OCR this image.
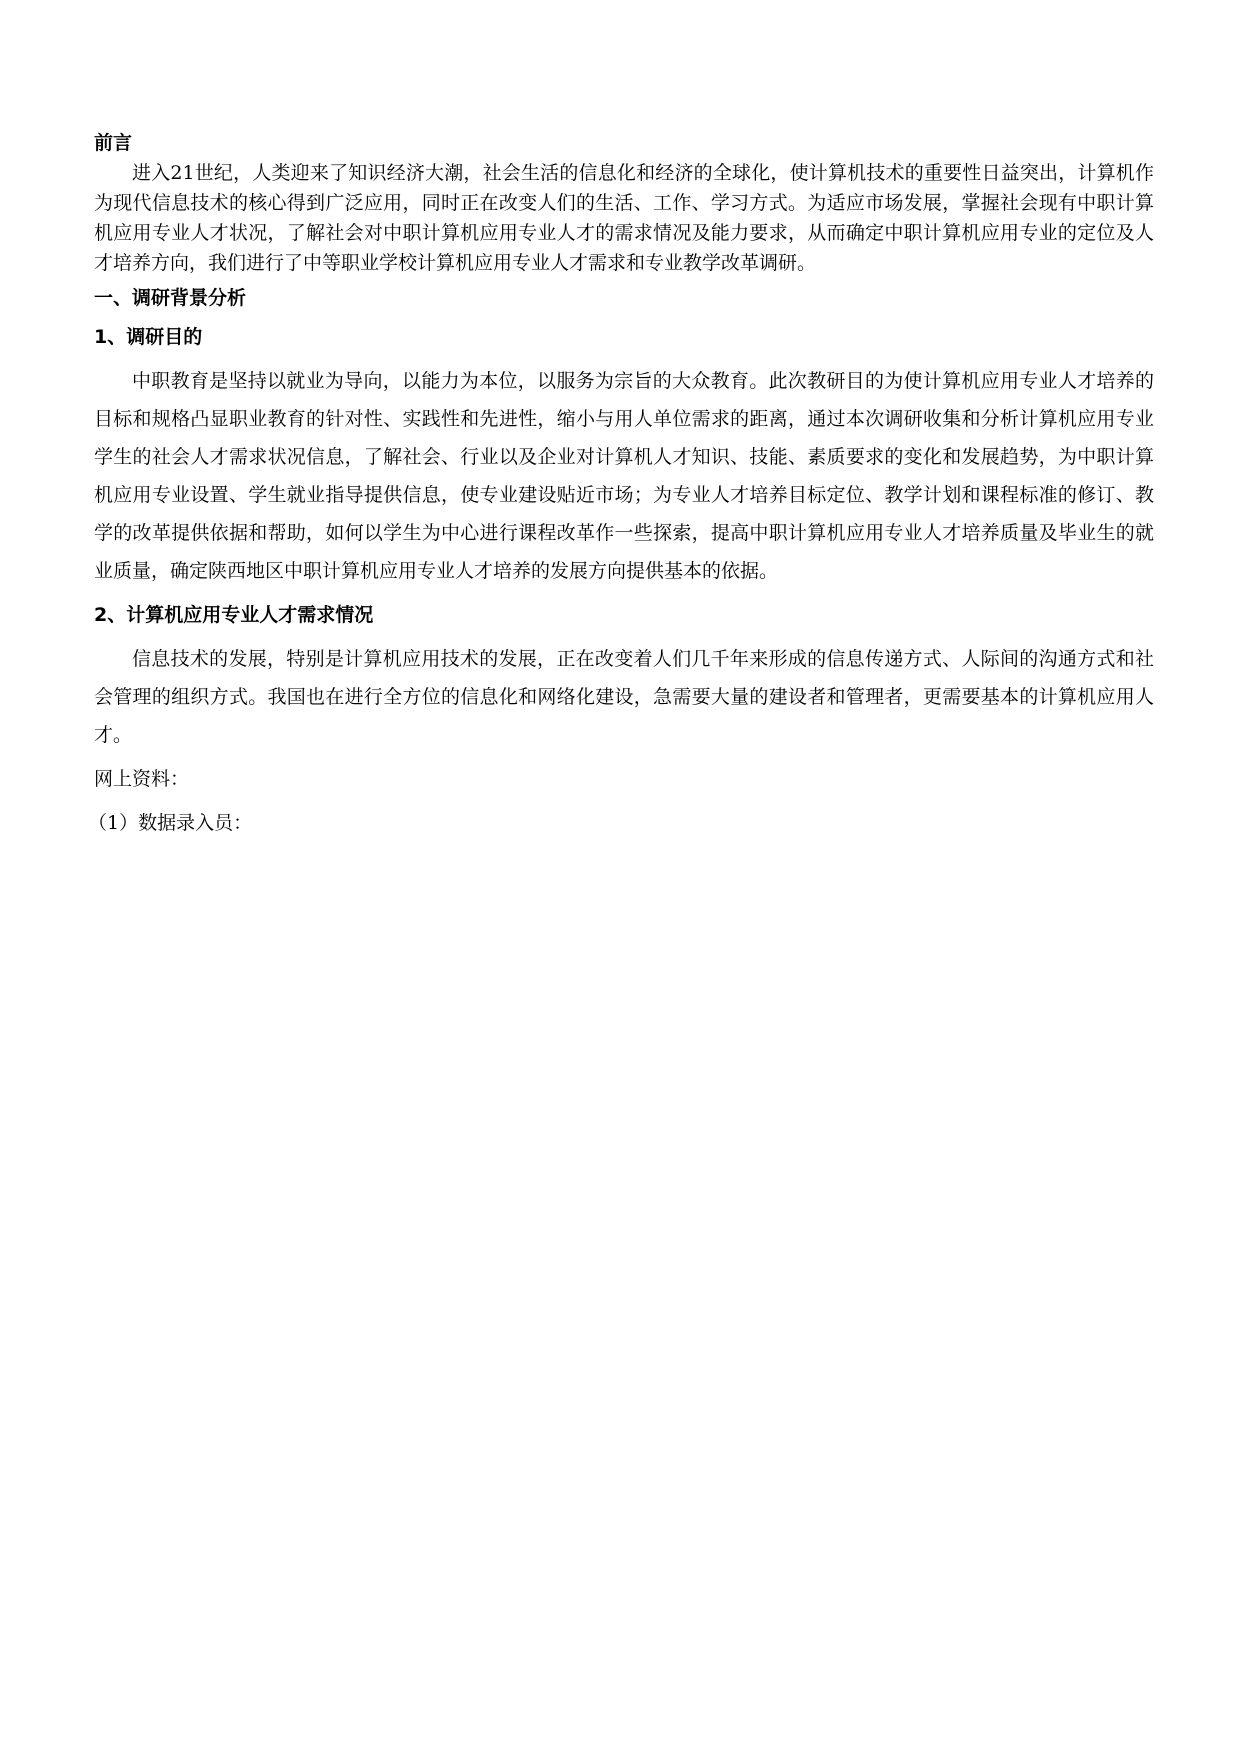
前言

进入21世纪，人类迎来了知识经济大潮，社会生活的信息化和经济的全球化，使计算机技术的重要性日益突出，计算机作为现代信息技术的核心得到广泛应用，同时正在改变人们的生活、工作、学习方式。为适应市场发展，掌握社会现有中职计算机应用专业人才状况，了解社会对中职计算机应用专业人才的需求情况及能力要求，从而确定中职计算机应用专业的定位及人才培养方向，我们进行了中等职业学校计算机应用专业人才需求和专业教学改革调研。

一、调研背景分析

1、调研目的

中职教育是坚持以就业为导向，以能力为本位，以服务为宗旨的大众教育。此次教研目的为使计算机应用专业人才培养的目标和规格凸显职业教育的针对性、实践性和先进性，缩小与用人单位需求的距离，通过本次调研收集和分析计算机应用专业学生的社会人才需求状况信息，了解社会、行业以及企业对计算机人才知识、技能、素质要求的变化和发展趋势，为中职计算机应用专业设置、学生就业指导提供信息，使专业建设贴近市场；为专业人才培养目标定位、教学计划和课程标准的修订、教学的改革提供依据和帮助，如何以学生为中心进行课程改革作一些探索，提高中职计算机应用专业人才培养质量及毕业生的就业质量，确定陕西地区中职计算机应用专业人才培养的发展方向提供基本的依据。

2、计算机应用专业人才需求情况

信息技术的发展，特别是计算机应用技术的发展，正在改变着人们几千年来形成的信息传递方式、人际间的沟通方式和社会管理的组织方式。我国也在进行全方位的信息化和网络化建设，急需要大量的建设者和管理者，更需要基本的计算机应用人才。

网上资料：

（1）数据录入员：
